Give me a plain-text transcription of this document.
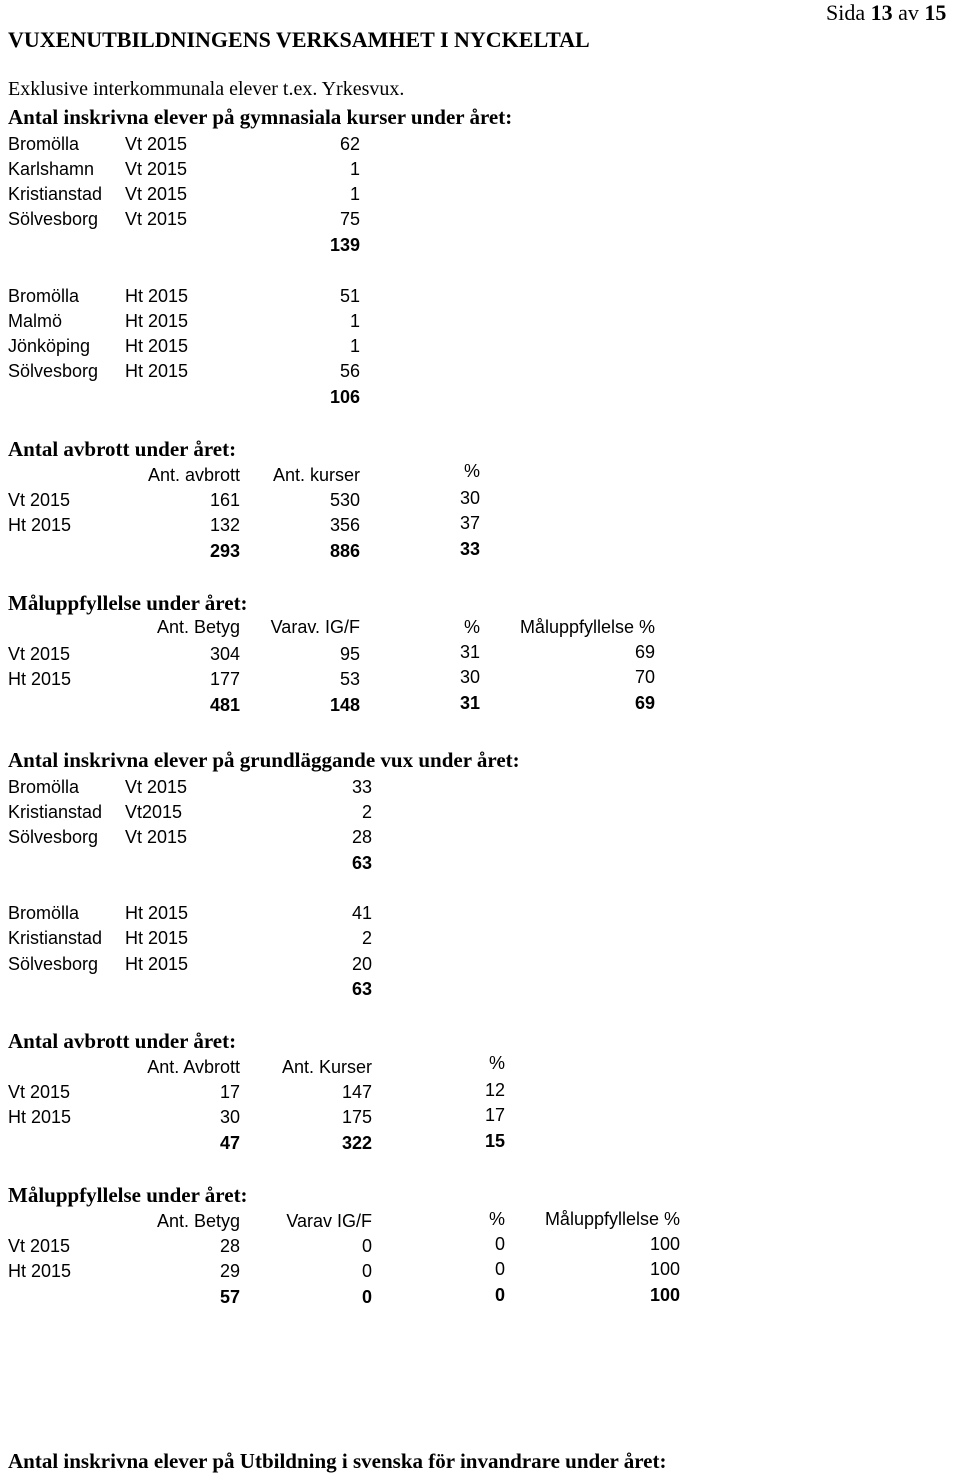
VUXENUTBILDNINGENS VERKSAMHET I NYCKELTAL
Sida 13 av 15
Exklusive interkommunala elever t.ex. Yrkesvux.
Antal inskrivna elever på gymnasiala kurser under året:
Bromölla	Vt 2015	62
Karlshamn Vt 2015	1
Kristianstad Vt 2015	1
Sölvesborg Vt 2015	75
139
Bromölla	Ht 2015	51
Malmö	Ht 2015	1
Jönköping Ht 2015	1
Sölvesborg Ht 2015	56
106
Antal avbrott under året:
Ant. avbrott	Ant. kurser	%
Vt 2015	161	530	30
Ht 2015	132	356	37
293	886	33
Måluppfyllelse under året:
Ant. Betyg	Varav. IG/F	%	Måluppfyllelse %
Vt 2015	304	95	31	69
Ht 2015	177	53	30	70
481	148	31	69
Antal inskrivna elever på grundläggande vux under året:
Bromölla	Vt 2015	33
Kristianstad Vt2015	2
Sölvesborg Vt 2015	28
63
Bromölla	Ht 2015	41
Kristianstad Ht 2015	2
Sölvesborg Ht 2015	20
63
Antal avbrott under året:
Ant. Avbrott	Ant. Kurser	%
Vt 2015	17	147	12
Ht 2015	30	175	17
47	322	15
Måluppfyllelse under året:
Ant. Betyg	Varav IG/F	%	Måluppfyllelse %
Vt 2015	28	0	0	100
Ht 2015	29	0	0	100
57	0	0	100
Antal inskrivna elever på Utbildning i svenska för invandrare under året:
